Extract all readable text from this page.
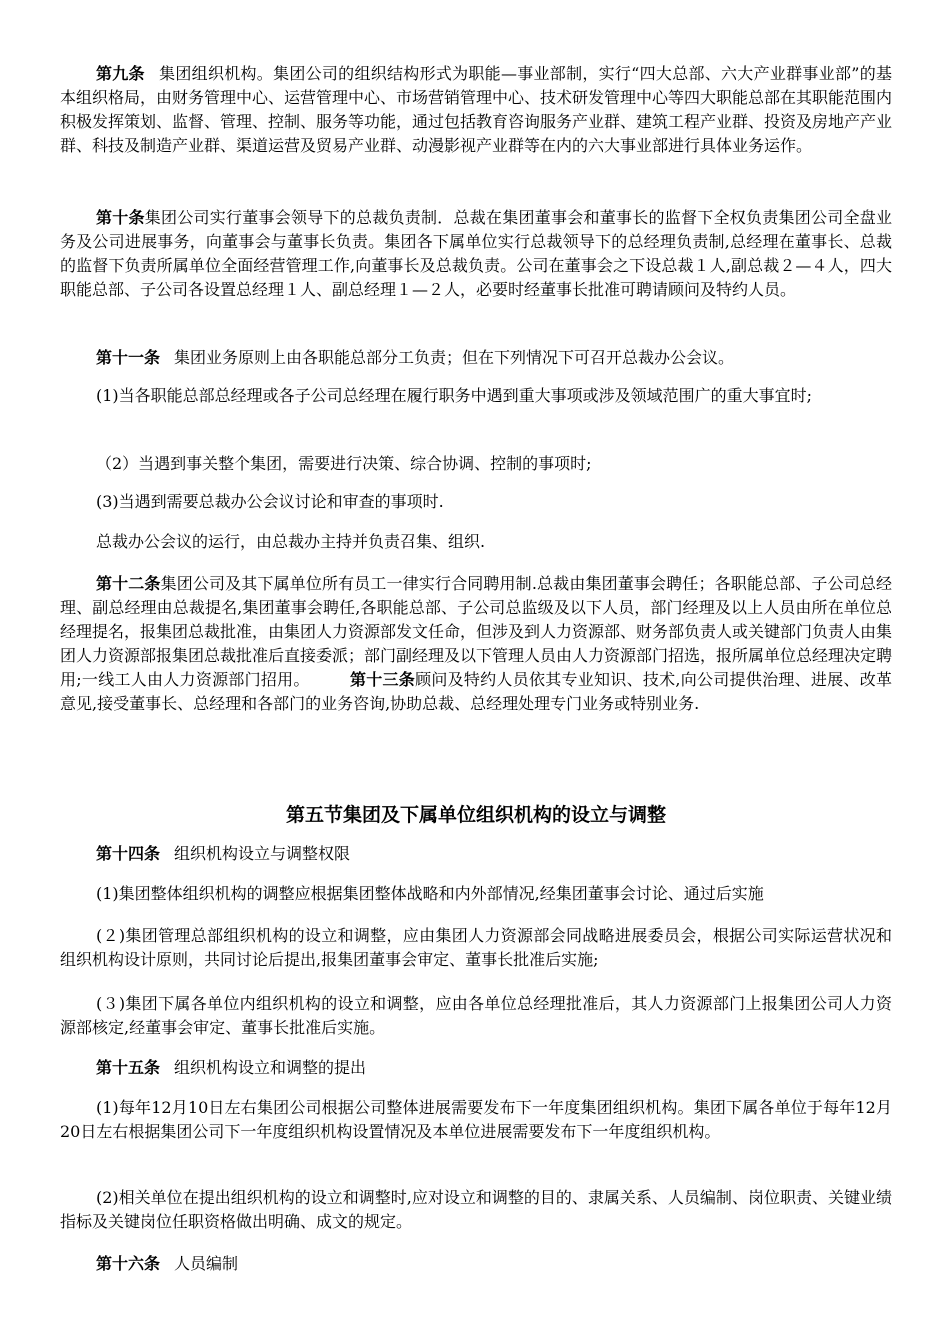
第九条 集团组织机构。集团公司的组织结构形式为职能—事业部制，实行“四大总部、六大产业群事业部”的基本组织格局，由财务管理中心、运营管理中心、市场营销管理中心、技术研发管理中心等四大职能总部在其职能范围内积极发挥策划、监督、管理、控制、服务等功能，通过包括教育咨询服务产业群、建筑工程产业群、投资及房地产产业群、科技及制造产业群、渠道运营及贸易产业群、动漫影视产业群等在内的六大事业部进行具体业务运作。

第十条集团公司实行董事会领导下的总裁负责制．总裁在集团董事会和董事长的监督下全权负责集团公司全盘业务及公司进展事务，向董事会与董事长负责。集团各下属单位实行总裁领导下的总经理负责制,总经理在董事长、总裁的监督下负责所属单位全面经营管理工作,向董事长及总裁负责。公司在董事会之下设总裁１人,副总裁２—４人，四大职能总部、子公司各设置总经理１人、副总经理１—２人，必要时经董事长批准可聘请顾问及特约人员。

第十一条 集团业务原则上由各职能总部分工负责；但在下列情况下可召开总裁办公会议。

(1)当各职能总部总经理或各子公司总经理在履行职务中遇到重大事项或涉及领域范围广的重大事宜时;

（2）当遇到事关整个集团，需要进行决策、综合协调、控制的事项时;

(3)当遇到需要总裁办公会议讨论和审查的事项时.

总裁办公会议的运行，由总裁办主持并负责召集、组织.

第十二条集团公司及其下属单位所有员工一律实行合同聘用制.总裁由集团董事会聘任；各职能总部、子公司总经理、副总经理由总裁提名,集团董事会聘任,各职能总部、子公司总监级及以下人员，部门经理及以上人员由所在单位总经理提名，报集团总裁批准，由集团人力资源部发文任命，但涉及到人力资源部、财务部负责人或关键部门负责人由集团人力资源部报集团总裁批准后直接委派；部门副经理及以下管理人员由人力资源部门招选，报所属单位总经理决定聘用;一线工人由人力资源部门招用。	第十三条顾问及特约人员依其专业知识、技术,向公司提供治理、进展、改革意见,接受董事长、总经理和各部门的业务咨询,协助总裁、总经理处理专门业务或特别业务.

第五节集团及下属单位组织机构的设立与调整

第十四条 组织机构设立与调整权限

(1)集团整体组织机构的调整应根据集团整体战略和内外部情况,经集团董事会讨论、通过后实施

(２)集团管理总部组织机构的设立和调整，应由集团人力资源部会同战略进展委员会，根据公司实际运营状况和组织机构设计原则，共同讨论后提出,报集团董事会审定、董事长批准后实施;

(３)集团下属各单位内组织机构的设立和调整，应由各单位总经理批准后，其人力资源部门上报集团公司人力资源部核定,经董事会审定、董事长批准后实施。

第十五条 组织机构设立和调整的提出

(1)每年12月10日左右集团公司根据公司整体进展需要发布下一年度集团组织机构。集团下属各单位于每年12月20日左右根据集团公司下一年度组织机构设置情况及本单位进展需要发布下一年度组织机构。

(2)相关单位在提出组织机构的设立和调整时,应对设立和调整的目的、隶属关系、人员编制、岗位职责、关键业绩指标及关键岗位任职资格做出明确、成文的规定。

第十六条 人员编制
